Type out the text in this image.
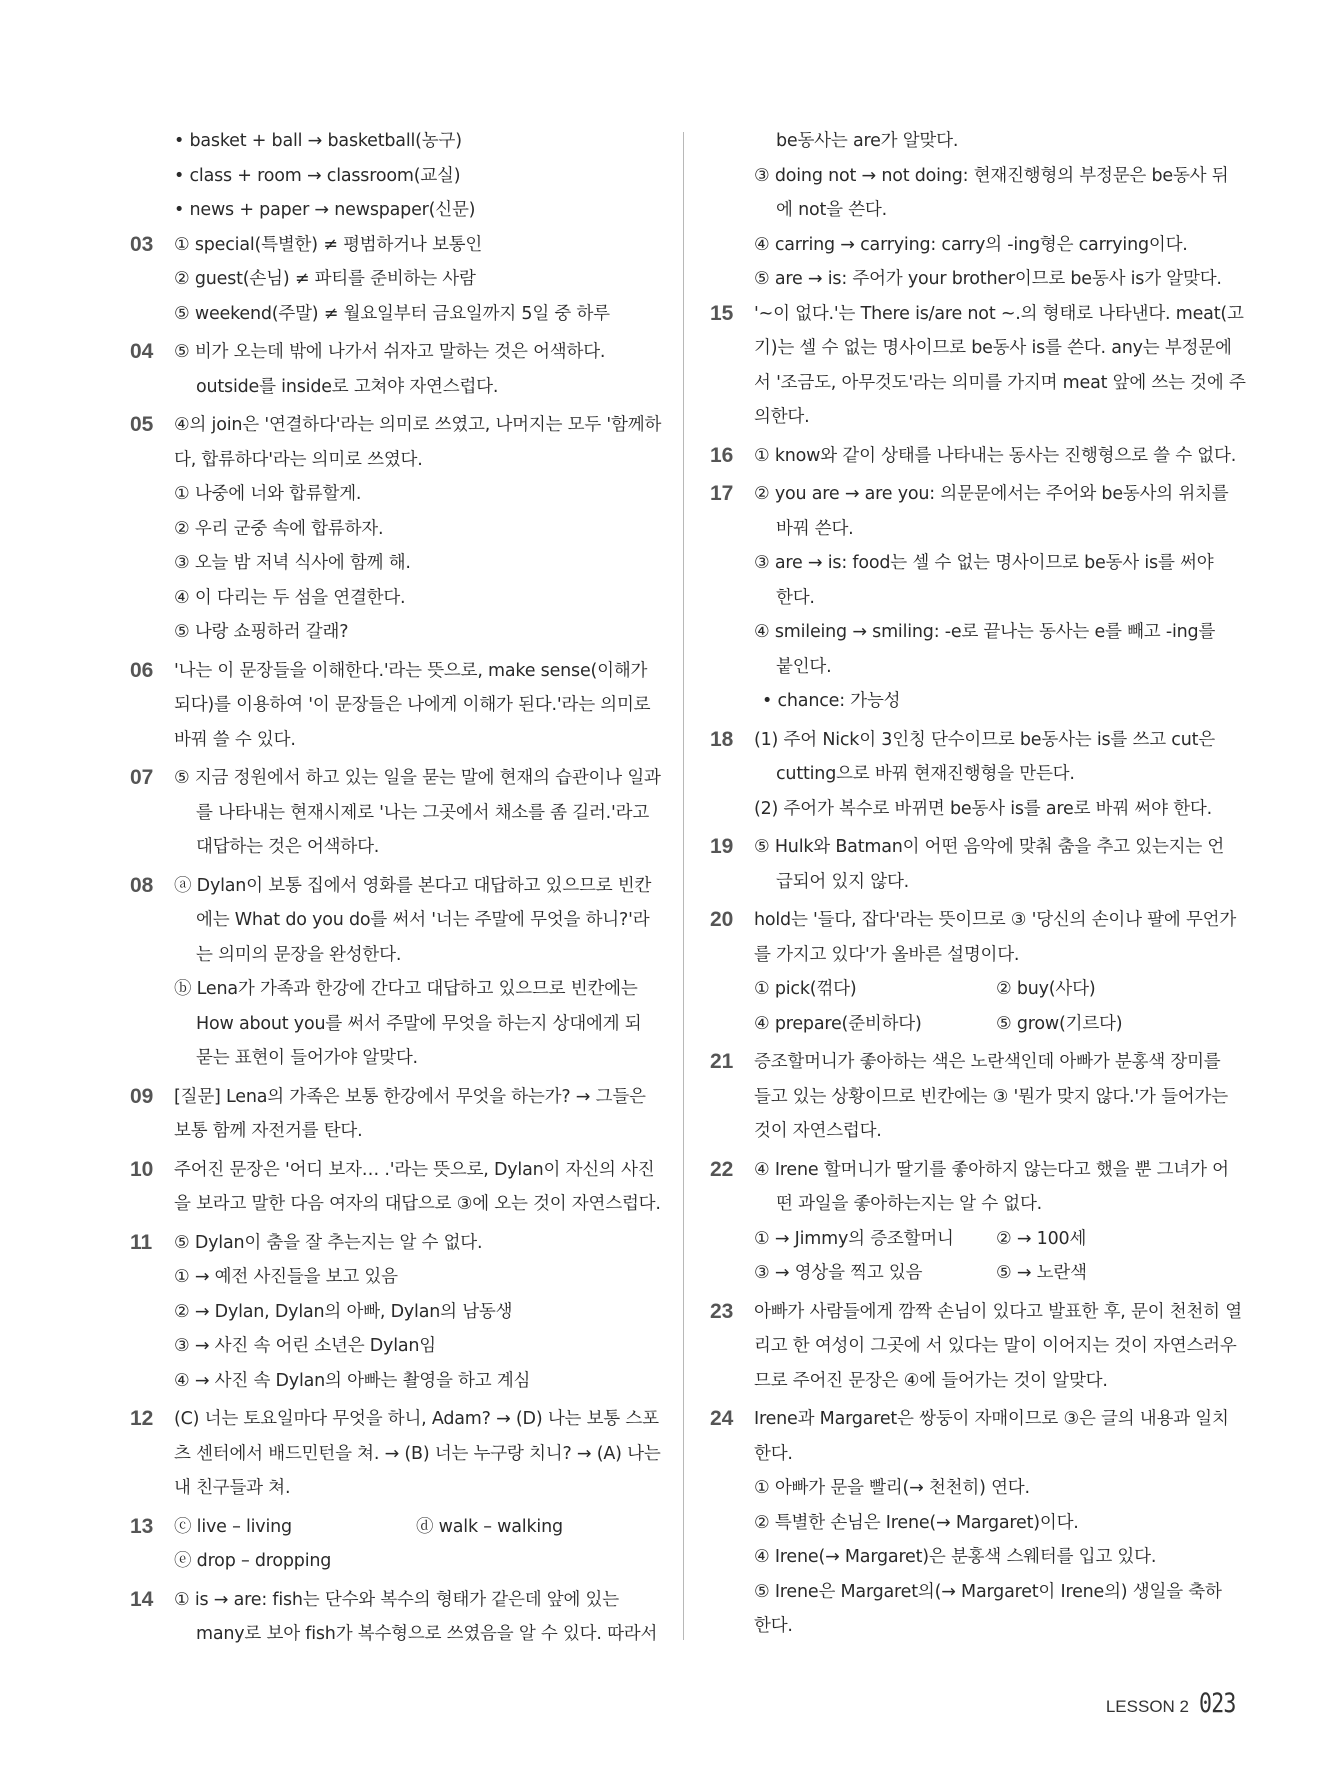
• basket + ball → basketball(농구)
• class + room → classroom(교실)
• news + paper → newspaper(신문)
03 ① special(특별한) ≠ 평범하거나 보통인
② guest(손님) ≠ 파티를 준비하는 사람
⑤ weekend(주말) ≠ 월요일부터 금요일까지 5일 중 하루
04 ⑤ 비가 오는데 밖에 나가서 쉬자고 말하는 것은 어색하다.
outside를 inside로 고쳐야 자연스럽다.
05 ④의 join은 '연결하다'라는 의미로 쓰였고, 나머지는 모두 '함께하
다, 합류하다'라는 의미로 쓰였다.
① 나중에 너와 합류할게.
② 우리 군중 속에 합류하자.
③ 오늘 밤 저녁 식사에 함께 해.
④ 이 다리는 두 섬을 연결한다.
⑤ 나랑 쇼핑하러 갈래?
06 '나는 이 문장들을 이해한다.'라는 뜻으로, make sense(이해가
되다)를 이용하여 '이 문장들은 나에게 이해가 된다.'라는 의미로
바꿔 쓸 수 있다.
07 ⑤ 지금 정원에서 하고 있는 일을 묻는 말에 현재의 습관이나 일과
를 나타내는 현재시제로 '나는 그곳에서 채소를 좀 길러.'라고
대답하는 것은 어색하다.
08 ⓐ Dylan이 보통 집에서 영화를 본다고 대답하고 있으므로 빈칸
에는 What do you do를 써서 '너는 주말에 무엇을 하니?'라
는 의미의 문장을 완성한다.
ⓑ Lena가 가족과 한강에 간다고 대답하고 있으므로 빈칸에는
How about you를 써서 주말에 무엇을 하는지 상대에게 되
묻는 표현이 들어가야 알맞다.
09 [질문] Lena의 가족은 보통 한강에서 무엇을 하는가? → 그들은
보통 함께 자전거를 탄다.
10 주어진 문장은 '어디 보자… .'라는 뜻으로, Dylan이 자신의 사진
을 보라고 말한 다음 여자의 대답으로 ③에 오는 것이 자연스럽다.
11 ⑤ Dylan이 춤을 잘 추는지는 알 수 없다.
① → 예전 사진들을 보고 있음
② → Dylan, Dylan의 아빠, Dylan의 남동생
③ → 사진 속 어린 소년은 Dylan임
④ → 사진 속 Dylan의 아빠는 촬영을 하고 계심
12 (C) 너는 토요일마다 무엇을 하니, Adam? → (D) 나는 보통 스포
츠 센터에서 배드민턴을 쳐. → (B) 너는 누구랑 치니? → (A) 나는
내 친구들과 쳐.
13 ⓒ live – living	ⓓ walk – walking
ⓔ drop – dropping
14 ① is → are: fish는 단수와 복수의 형태가 같은데 앞에 있는
many로 보아 fish가 복수형으로 쓰였음을 알 수 있다. 따라서
be동사는 are가 알맞다.
③ doing not → not doing: 현재진행형의 부정문은 be동사 뒤
에 not을 쓴다.
④ carring → carrying: carry의 -ing형은 carrying이다.
⑤ are → is: 주어가 your brother이므로 be동사 is가 알맞다.
15 '~이 없다.'는 There is/are not ~.의 형태로 나타낸다. meat(고
기)는 셀 수 없는 명사이므로 be동사 is를 쓴다. any는 부정문에
서 '조금도, 아무것도'라는 의미를 가지며 meat 앞에 쓰는 것에 주
의한다.
16 ① know와 같이 상태를 나타내는 동사는 진행형으로 쓸 수 없다.
17 ② you are → are you: 의문문에서는 주어와 be동사의 위치를
바꿔 쓴다.
③ are → is: food는 셀 수 없는 명사이므로 be동사 is를 써야
한다.
④ smileing → smiling: -e로 끝나는 동사는 e를 빼고 -ing를
붙인다.
• chance: 가능성
18 (1) 주어 Nick이 3인칭 단수이므로 be동사는 is를 쓰고 cut은
cutting으로 바꿔 현재진행형을 만든다.
(2) 주어가 복수로 바뀌면 be동사 is를 are로 바꿔 써야 한다.
19 ⑤ Hulk와 Batman이 어떤 음악에 맞춰 춤을 추고 있는지는 언
급되어 있지 않다.
20 hold는 '들다, 잡다'라는 뜻이므로 ③ '당신의 손이나 팔에 무언가
를 가지고 있다'가 올바른 설명이다.
① pick(꺾다)	② buy(사다)
④ prepare(준비하다)	⑤ grow(기르다)
21 증조할머니가 좋아하는 색은 노란색인데 아빠가 분홍색 장미를
들고 있는 상황이므로 빈칸에는 ③ '뭔가 맞지 않다.'가 들어가는
것이 자연스럽다.
22 ④ Irene 할머니가 딸기를 좋아하지 않는다고 했을 뿐 그녀가 어
떤 과일을 좋아하는지는 알 수 없다.
① → Jimmy의 증조할머니	② → 100세
③ → 영상을 찍고 있음	⑤ → 노란색
23 아빠가 사람들에게 깜짝 손님이 있다고 발표한 후, 문이 천천히 열
리고 한 여성이 그곳에 서 있다는 말이 이어지는 것이 자연스러우
므로 주어진 문장은 ④에 들어가는 것이 알맞다.
24 Irene과 Margaret은 쌍둥이 자매이므로 ③은 글의 내용과 일치
한다.
① 아빠가 문을 빨리(→ 천천히) 연다.
② 특별한 손님은 Irene(→ Margaret)이다.
④ Irene(→ Margaret)은 분홍색 스웨터를 입고 있다.
⑤ Irene은 Margaret의(→ Margaret이 Irene의) 생일을 축하
한다.
LESSON 2 023
